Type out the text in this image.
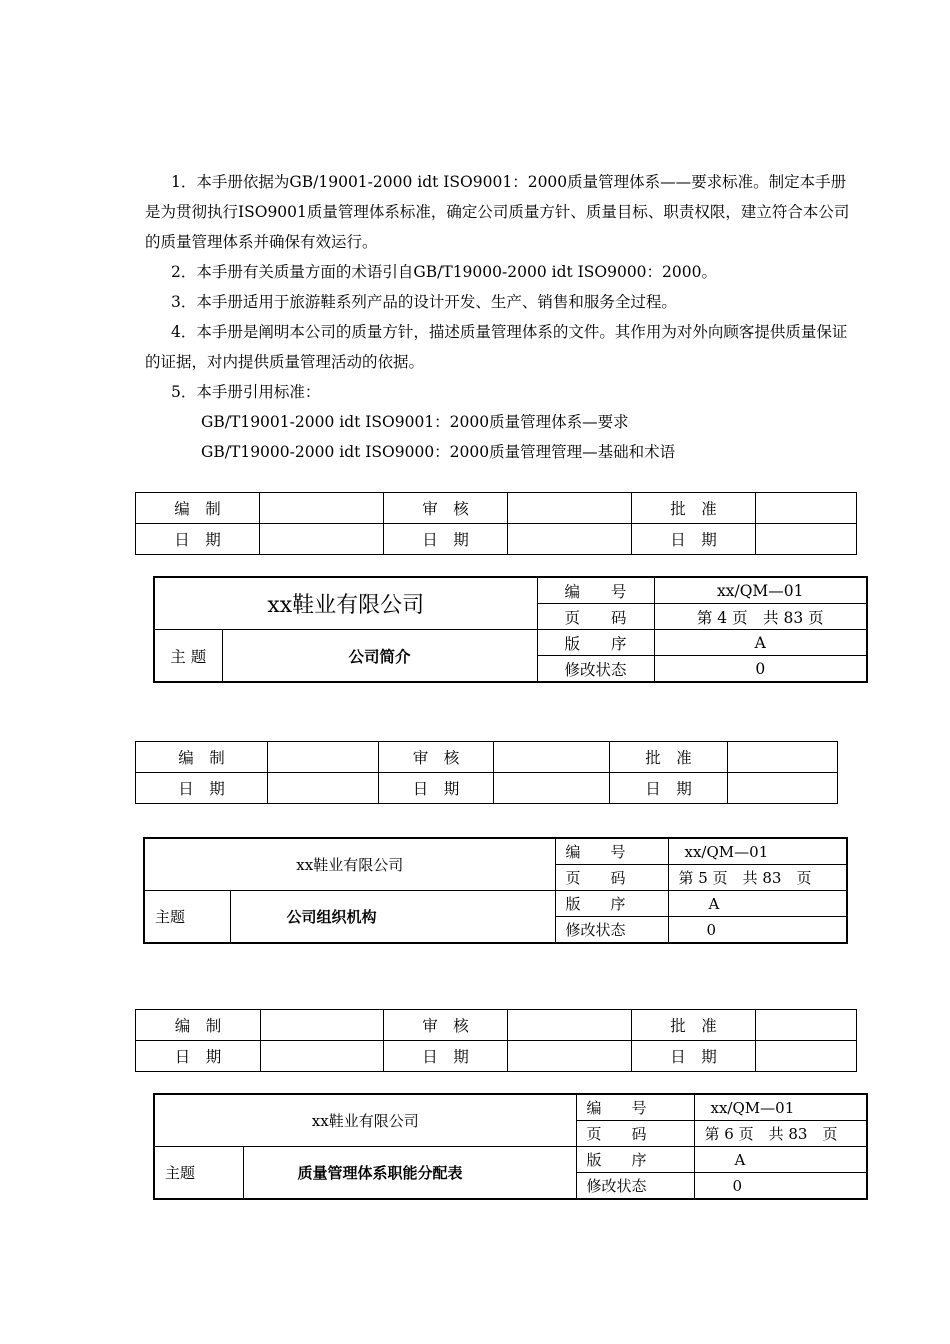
1．本手册依据为GB/19001-2000 idt ISO9001：2000质量管理体系——要求标准。制定本手册是为贯彻执行ISO9001质量管理体系标准，确定公司质量方针、质量目标、职责权限，建立符合本公司的质量管理体系并确保有效运行。

2．本手册有关质量方面的术语引自GB/T19000-2000 idt ISO9000：2000。

3．本手册适用于旅游鞋系列产品的设计开发、生产、销售和服务全过程。

4．本手册是阐明本公司的质量方针，描述质量管理体系的文件。其作用为对外向顾客提供质量保证的证据，对内提供质量管理活动的依据。

5．本手册引用标准：

GB/T19001-2000 idt ISO9001：2000质量管理体系—要求

GB/T19000-2000 idt ISO9000：2000质量管理管理—基础和术语

编　制		审　核		批　准	
日　期		日　期		日　期	
xx鞋业有限公司		编　　号	xx/QM—01
		页　　码	第 4 页　共 83 页
主 题	公司简介	版　　序	A
		修改状态	0
编　制		审　核		批　准	
日　期		日　期		日　期	
xx鞋业有限公司		编　　号	xx/QM—01
		页　　码	第 5 页　共 83　页
主题	公司组织机构	版　　序	A
		修改状态	0
编　制		审　核		批　准	
日　期		日　期		日　期	
xx鞋业有限公司		编　　号	xx/QM—01
		页　　码	第 6 页　共 83　页
主题	质量管理体系职能分配表	版　　序	A
		修改状态	0
